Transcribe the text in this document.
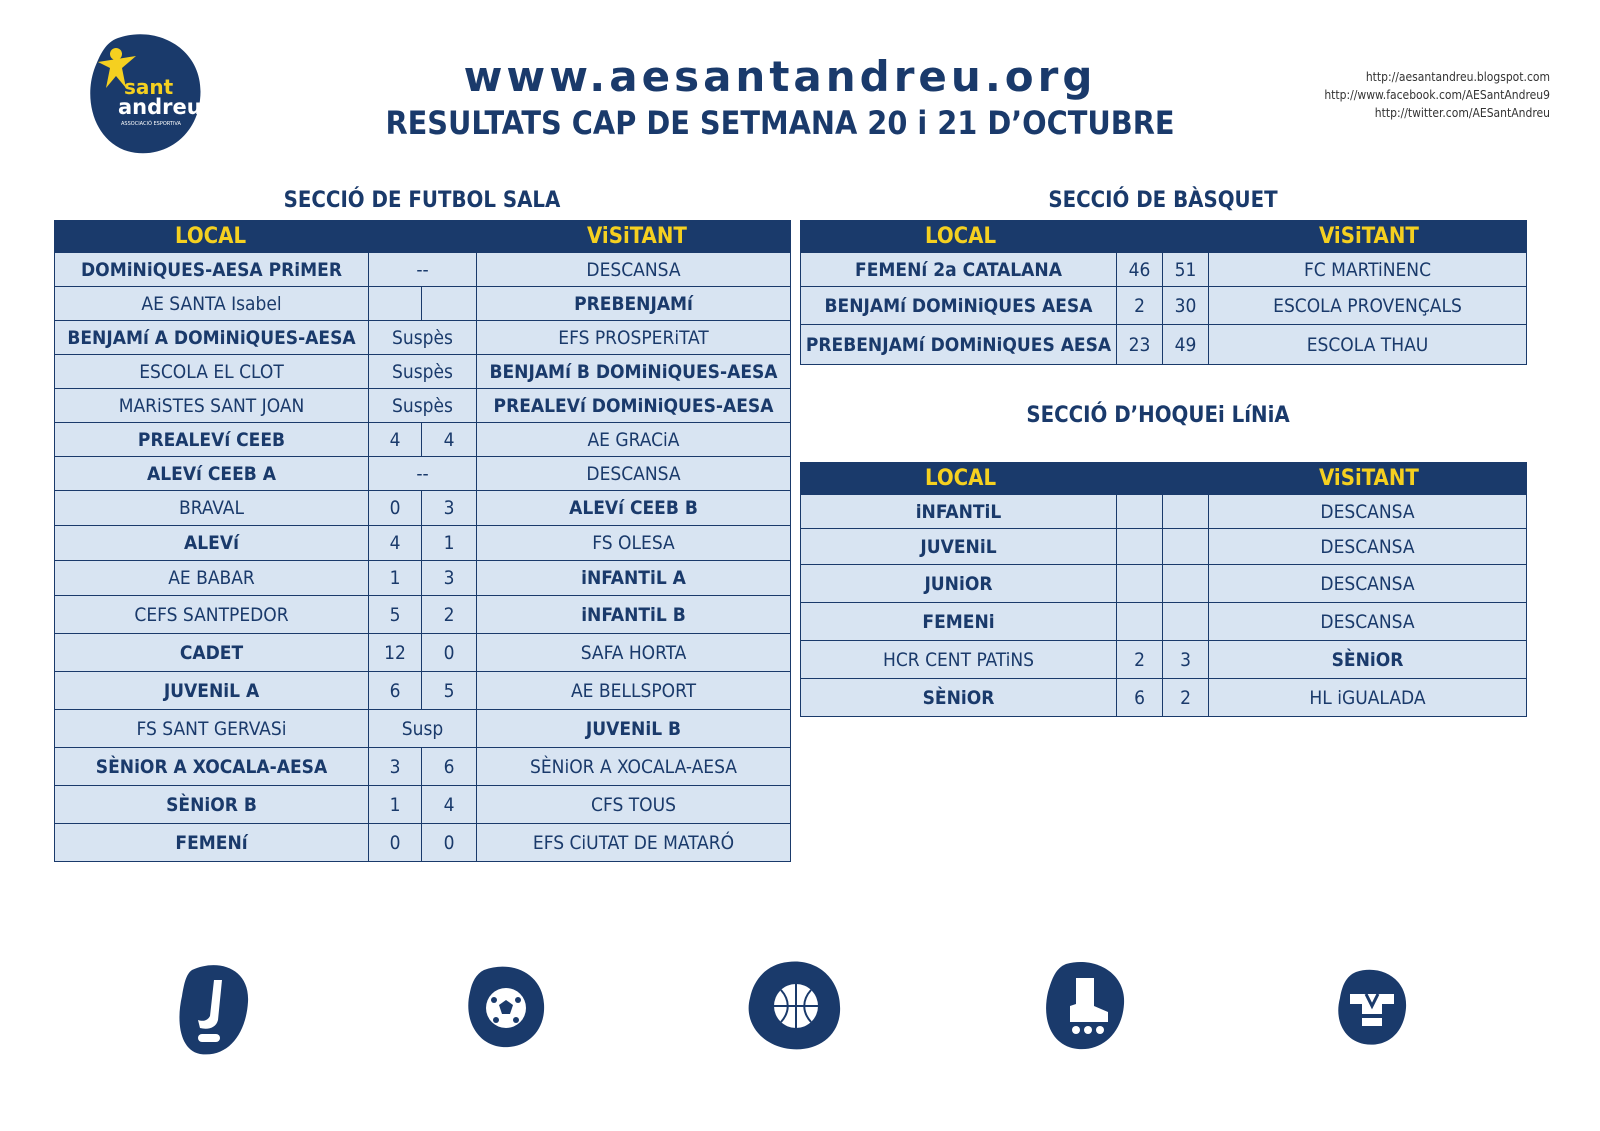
sant
andreu
ASSOCIACIÓ ESPORTIVA
www.aesantandreu.org
RESULTATS CAP DE SETMANA 20 i 21 D’OCTUBRE
http://aesantandreu.blogspot.com
http://www.facebook.com/AESantAndreu9
http://twitter.com/AESantAndreu
SECCIÓ DE FUTBOL SALA
LOCAL			ViSiTANT
DOMiNiQUES-AESA PRiMER	--		DESCANSA
AE SANTA Isabel			PREBENJAMí
BENJAMí A DOMiNiQUES-AESA	Suspès		EFS PROSPERiTAT
ESCOLA EL CLOT	Suspès		BENJAMí B DOMiNiQUES-AESA
MARiSTES SANT JOAN	Suspès		PREALEVí DOMiNiQUES-AESA
PREALEVí CEEB	4	4	AE GRACiA
ALEVí CEEB A	--		DESCANSA
BRAVAL	0	3	ALEVí CEEB B
ALEVí	4	1	FS OLESA
AE BABAR	1	3	iNFANTiL A
CEFS SANTPEDOR	5	2	iNFANTiL B
CADET	12	0	SAFA HORTA
JUVENiL A	6	5	AE BELLSPORT
FS SANT GERVASi	Susp		JUVENiL B
SÈNiOR A XOCALA-AESA	3	6	SÈNiOR A XOCALA-AESA
SÈNiOR B	1	4	CFS TOUS
FEMENí	0	0	EFS CiUTAT DE MATARÓ
SECCIÓ DE BÀSQUET
LOCAL			ViSiTANT
FEMENí 2a CATALANA	46	51	FC MARTiNENC
BENJAMí DOMiNiQUES AESA	2	30	ESCOLA PROVENÇALS
PREBENJAMí DOMiNiQUES AESA	23	49	ESCOLA THAU
SECCIÓ D’HOQUEi LíNiA
LOCAL			ViSiTANT
iNFANTiL			DESCANSA
JUVENiL			DESCANSA
JUNiOR			DESCANSA
FEMENi			DESCANSA
HCR CENT PATiNS	2	3	SÈNiOR
SÈNiOR	6	2	HL iGUALADA
